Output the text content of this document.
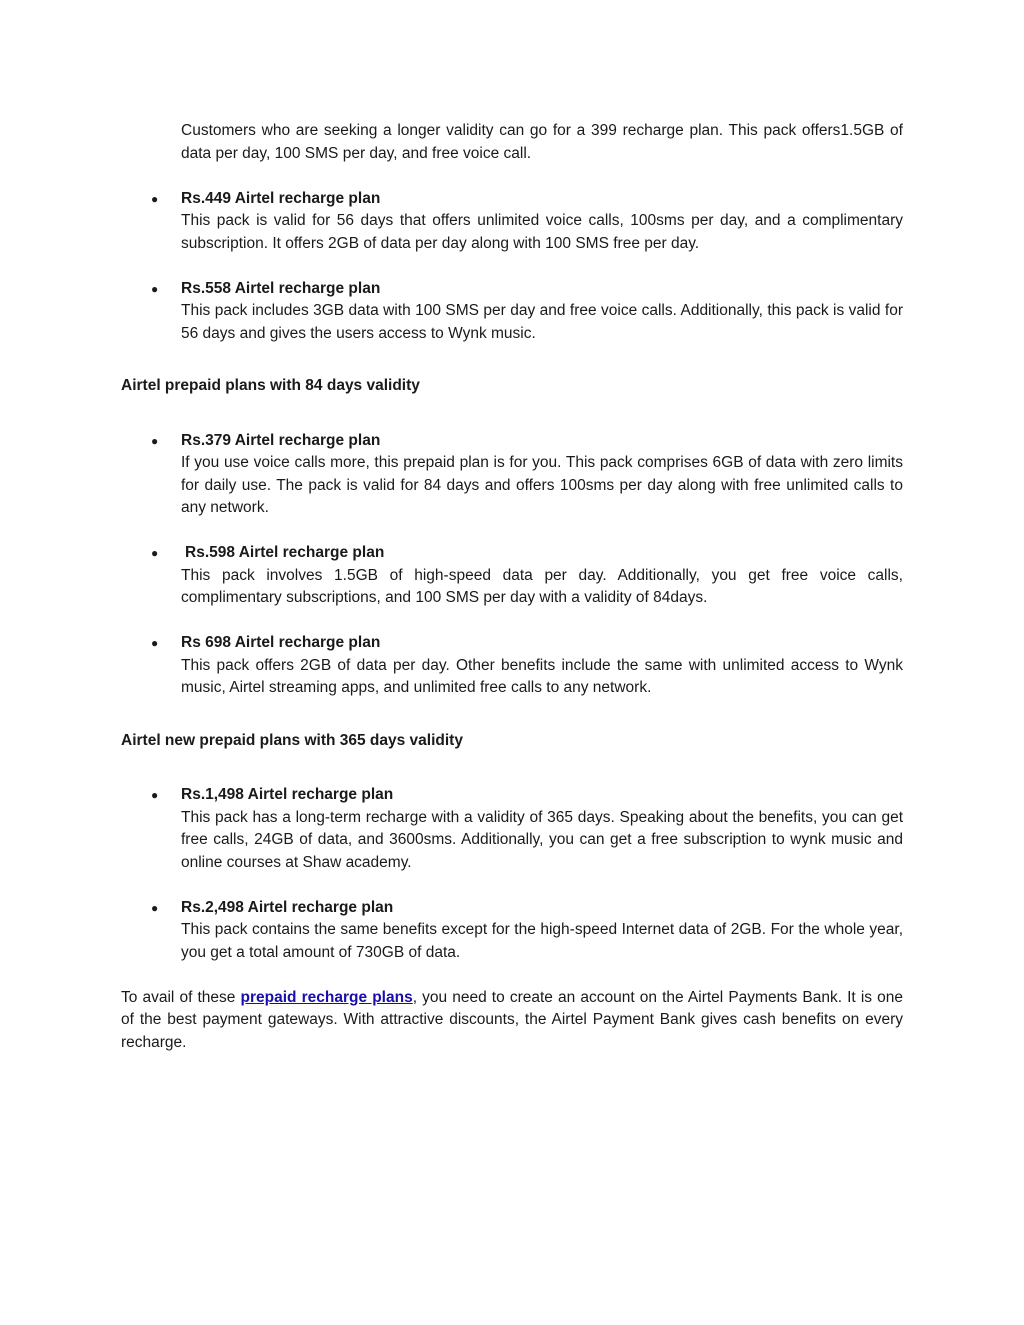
Customers who are seeking a longer validity can go for a 399 recharge plan. This pack offers1.5GB of data per day, 100 SMS per day, and free voice call.

● Rs.449 Airtel recharge plan
This pack is valid for 56 days that offers unlimited voice calls, 100sms per day, and a complimentary subscription. It offers 2GB of data per day along with 100 SMS free per day.
● Rs.558 Airtel recharge plan
This pack includes 3GB data with 100 SMS per day and free voice calls. Additionally, this pack is valid for 56 days and gives the users access to Wynk music.
Airtel prepaid plans with 84 days validity
● Rs.379 Airtel recharge plan
If you use voice calls more, this prepaid plan is for you. This pack comprises 6GB of data with zero limits for daily use. The pack is valid for 84 days and offers 100sms per day along with free unlimited calls to any network.
● Rs.598 Airtel recharge plan
This pack involves 1.5GB of high-speed data per day. Additionally, you get free voice calls, complimentary subscriptions, and 100 SMS per day with a validity of 84days.
● Rs 698 Airtel recharge plan
This pack offers 2GB of data per day. Other benefits include the same with unlimited access to Wynk music, Airtel streaming apps, and unlimited free calls to any network.
Airtel new prepaid plans with 365 days validity
● Rs.1,498 Airtel recharge plan
This pack has a long-term recharge with a validity of 365 days. Speaking about the benefits, you can get free calls, 24GB of data, and 3600sms. Additionally, you can get a free subscription to wynk music and online courses at Shaw academy.
● Rs.2,498 Airtel recharge plan
This pack contains the same benefits except for the high-speed Internet data of 2GB. For the whole year, you get a total amount of 730GB of data.

To avail of these prepaid recharge plans, you need to create an account on the Airtel Payments Bank. It is one of the best payment gateways. With attractive discounts, the Airtel Payment Bank gives cash benefits on every recharge.
